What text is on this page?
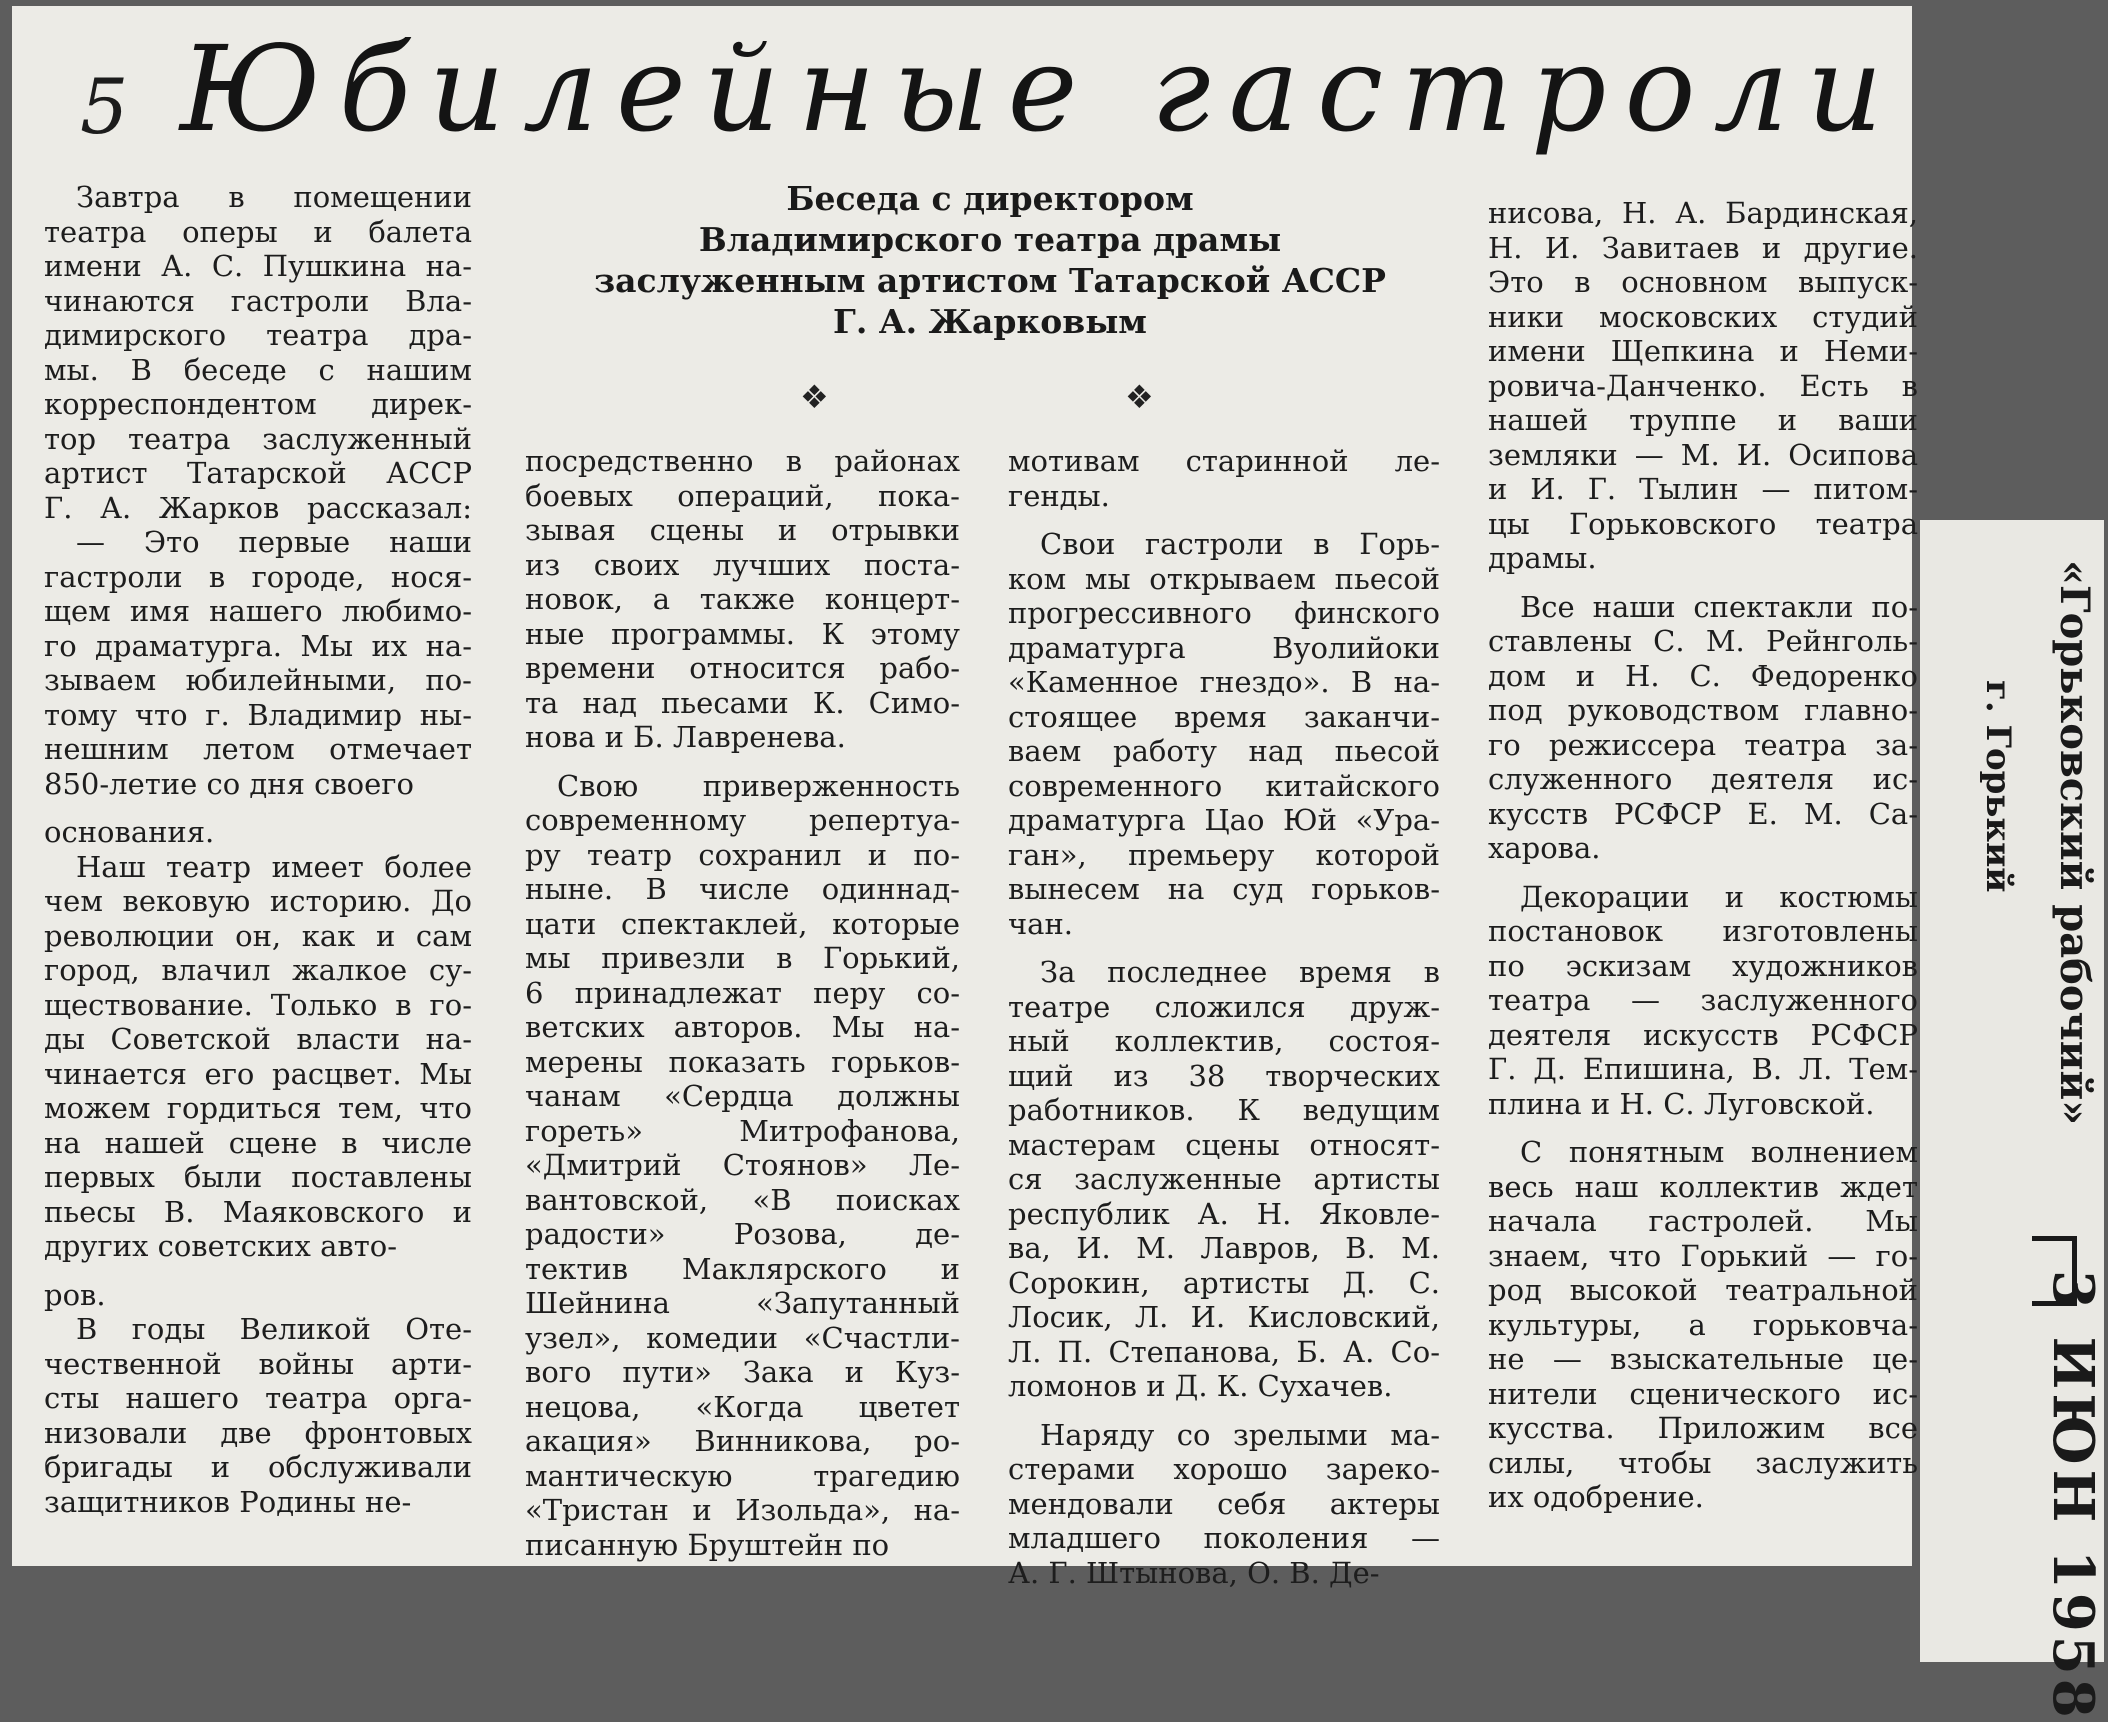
5 Юбилейные гастроли
Беседа с директором
Владимирского театра драмы
заслуженным артистом Татарской АССР
Г. А. Жарковым
❖	❖
Завтра в помещении
театра оперы и балета
имени А. С. Пушкина на-
чинаются гастроли Вла-
димирского театра дра-
мы. В беседе с нашим
корреспондентом дирек-
тор театра заслуженный
артист Татарской АССР
Г. А. Жарков рассказал:
— Это первые наши
гастроли в городе, нося-
щем имя нашего любимо-
го драматурга. Мы их на-
зываем юбилейными, по-
тому что г. Владимир ны-
нешним летом отмечает
850-летие со дня своего
основания.
Наш театр имеет более
чем вековую историю. До
революции он, как и сам
город, влачил жалкое су-
ществование. Только в го-
ды Советской власти на-
чинается его расцвет. Мы
можем гордиться тем, что
на нашей сцене в числе
первых были поставлены
пьесы В. Маяковского и
других советских авто-
ров.
В годы Великой Оте-
чественной войны арти-
сты нашего театра орга-
низовали две фронтовых
бригады и обслуживали
защитников Родины не-
посредственно в районах
боевых операций, пока-
зывая сцены и отрывки
из своих лучших поста-
новок, а также концерт-
ные программы. К этому
времени относится рабо-
та над пьесами К. Симо-
нова и Б. Лавренева.
Свою приверженность
современному репертуа-
ру театр сохранил и по-
ныне. В числе одиннад-
цати спектаклей, которые
мы привезли в Горький,
6 принадлежат перу со-
ветских авторов. Мы на-
мерены показать горьков-
чанам «Сердца должны
гореть» Митрофанова,
«Дмитрий Стоянов» Ле-
вантовской, «В поисках
радости» Розова, де-
тектив Маклярского и
Шейнина «Запутанный
узел», комедии «Счастли-
вого пути» Зака и Куз-
нецова, «Когда цветет
акация» Винникова, ро-
мантическую трагедию
«Тристан и Изольда», на-
писанную Бруштейн по
мотивам старинной ле-
генды.
Свои гастроли в Горь-
ком мы открываем пьесой
прогрессивного финского
драматурга Вуолийоки
«Каменное гнездо». В на-
стоящее время заканчи-
ваем работу над пьесой
современного китайского
драматурга Цао Юй «Ура-
ган», премьеру которой
вынесем на суд горьков-
чан.
За последнее время в
театре сложился друж-
ный коллектив, состоя-
щий из 38 творческих
работников. К ведущим
мастерам сцены относят-
ся заслуженные артисты
республик А. Н. Яковле-
ва, И. М. Лавров, В. М.
Сорокин, артисты Д. С.
Лосик, Л. И. Кисловский,
Л. П. Степанова, Б. А. Со-
ломонов и Д. К. Сухачев.
Наряду со зрелыми ма-
стерами хорошо зареко-
мендовали себя актеры
младшего поколения —
А. Г. Штынова, О. В. Де-
нисова, Н. А. Бардинская,
Н. И. Завитаев и другие.
Это в основном выпуск-
ники московских студий
имени Щепкина и Неми-
ровича-Данченко. Есть в
нашей труппе и ваши
земляки — М. И. Осипова
и И. Г. Тылин — питом-
цы Горьковского театра
драмы.
Все наши спектакли по-
ставлены С. М. Рейнголь-
дом и Н. С. Федоренко
под руководством главно-
го режиссера театра за-
служенного деятеля ис-
кусств РСФСР Е. М. Са-
харова.
Декорации и костюмы
постановок изготовлены
по эскизам художников
театра — заслуженного
деятеля искусств РСФСР
Г. Д. Епишина, В. Л. Тем-
плина и Н. С. Луговской.
С понятным волнением
весь наш коллектив ждет
начала гастролей. Мы
знаем, что Горький — го-
род высокой театральной
культуры, а горьковча-
не — взыскательные це-
нители сценического ис-
кусства. Приложим все
силы, чтобы заслужить
их одобрение.
«Горьковский рабочий»
г. Горький
3 ИЮН 1958
